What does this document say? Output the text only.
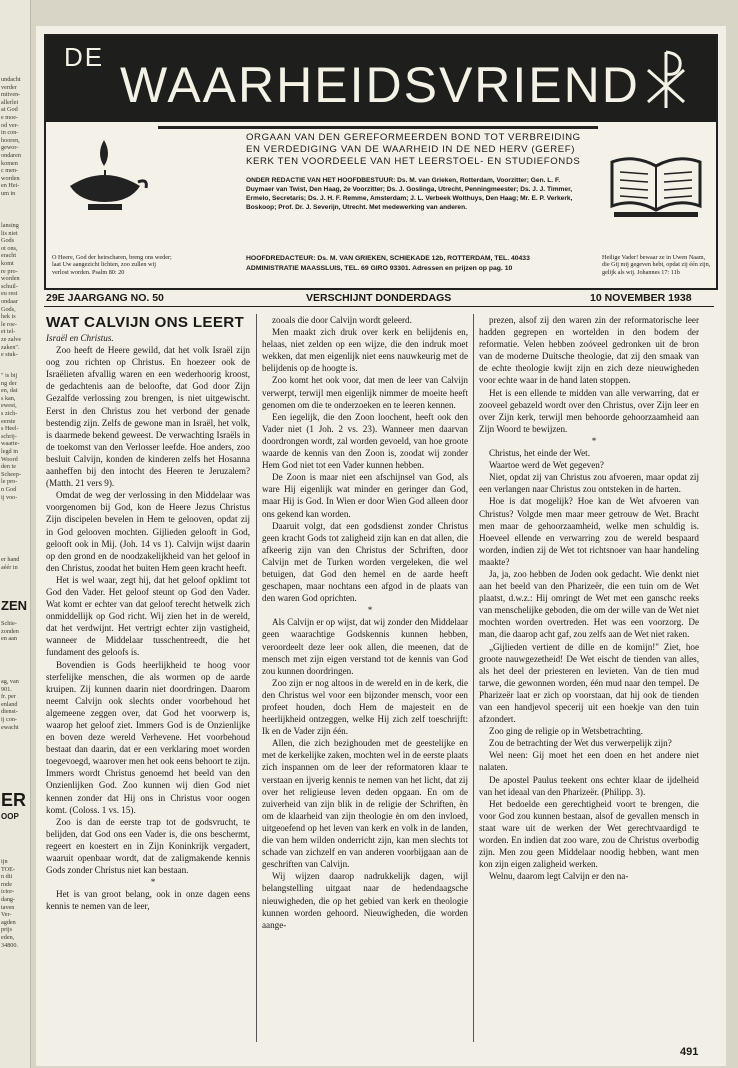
undacht
verder
mitven-
allerlei
at God
e moe-
od ver-
in con-
hooren,
gewor-
ondaren
komen
c men-
worden
en Hei-
um in
lansing
lis niet
Gods
ot ons,
eracht
komt
re pro-
worden
schuil-
eu rest
ondaar
Gods,
hek is
le roe-
et tel-
ze zalve
zaken".
e stuk-
" is bij
ng der
en, dat
s kan,
ewest,
s zich-
eerste
s Heel-
schrij-
waarte-
legd in
Woord
den te
Scheep-
le pro-
n God
ij voo-
er hand
aéér in
ZEN
Schie-
zonden
en aan
ag, van
901.
fr. per
enland
dienst-
ij con-
ewacht
ER
OOP
ijn
TOE-
n dit
rnde
ictor-
dang-
taven
Ver-
agden
prijs
eden,
34800.
DE WAARHEIDSVRIEND
ORGAAN VAN DEN GEREFORMEERDEN BOND TOT VERBREIDING EN VERDEDIGING VAN DE WAARHEID IN DE NED HERV (GEREF) KERK TEN VOORDEELE VAN HET LEERSTOEL- EN STUDIEFONDS
ONDER REDACTIE VAN HET HOOFDBESTUUR: Ds. M. van Grieken, Rotterdam, Voorzitter; Gen. L. F. Duymaer van Twist, Den Haag, 2e Voorzitter; Ds. J. Goslinga, Utrecht, Penningmeester; Ds. J. J. Timmer, Ermelo, Secretaris; Ds. J. H. F. Remme, Amsterdam; J. L. Verbeek Wolthuys, Den Haag; Mr. E. P. Verkerk, Boskoop; Prof. Dr. J. Severijn, Utrecht. Met medewerking van anderen.
HOOFDREDACTEUR: Ds. M. VAN GRIEKEN, SCHIEKADE 12b, ROTTERDAM, TEL. 40433
ADMINISTRATIE MAASSLUIS, TEL. 69 GIRO 93301. Adressen en prijzen op pag. 10
O Heere, God der heirscharen, breng ons weder; laat Uw aangezicht lichten, zoo zullen wij verlost worden. Psalm 80: 20
Heilige Vader! bewaar ze in Uwen Naam, die Gij mij gegeven hebt, opdat zij één zijn, gelijk als wij. Johannes 17: 11b
29E JAARGANG NO. 50	VERSCHIJNT DONDERDAGS	10 NOVEMBER 1938
WAT CALVIJN ONS LEERT
Israël en Christus.

Zoo heeft de Heere gewild, dat het volk Israël zijn oog zou richten op Christus. En hoezeer ook de Israëlieten afvallig waren en een wederhoorig kroost, de gedachtenis aan de beloofte, dat God door Zijn Gezalfde verlossing zou brengen, is niet uitgewischt. Eerst in den Christus zou het verbond der genade bestendig zijn. Zelfs de gewone man in Israël, het volk, is daarmede bekend geweest. De verwachting Israëls in de toekomst van den Verlosser leefde. Hoe anders, zoo besluit Calvijn, konden de kinderen zelfs het Hosanna aanheffen bij den intocht des Heeren te Jeruzalem? (Matth. 21 vers 9).

Omdat de weg der verlossing in den Middelaar was voorgenomen bij God, kon de Heere Jezus Christus Zijn discipelen bevelen in Hem te gelooven, opdat zij in God gelooven mochten. Gijlieden gelooft in God, gelooft ook in Mij. (Joh. 14 vs 1). Calvijn wijst daarin op den grond en de noodzakelijkheid van het geloof in den Christus, zoodat het buiten Hem geen kracht heeft.

Het is wel waar, zegt hij, dat het geloof opklimt tot God den Vader. Het geloof steunt op God den Vader. Wat komt er echter van dat geloof terecht hetwelk zich onmiddellijk op God richt. Wij zien het in de wereld, dat het verdwijnt. Het vertrigt echter zijn vastigheid, wanneer de Middelaar tusschentreedt, die het fundament des geloofs is.

Bovendien is Gods heerlijkheid te hoog voor sterfelijke menschen, die als wormen op de aarde kruipen. Zij kunnen daarin niet doordringen. Daarom neemt Calvijn ook slechts onder voorbehoud het algemeene zeggen over, dat God het voorwerp is, waarop het geloof ziet. Immers God is de Onzienlijke en boven deze wereld Verhevene. Het voorbehoud bestaat dan daarin, dat er een verklaring moet worden toegevoegd, waarover men het ook eens behoort te zijn. Immers wordt Christus genoemd het beeld van den Onzienlijken God. Zoo kunnen wij dien God niet kennen zonder dat Hij ons in Christus voor oogen komt. (Coloss. 1 vs. 15).

Zoo is dan de eerste trap tot de godsvrucht, te belijden, dat God ons een Vader is, die ons beschermt, regeert en koestert en in Zijn Koninkrijk vergadert, waaruit openbaar wordt, dat de zaligmakende kennis Gods zonder Christus niet kan bestaan.

*

Het is van groot belang, ook in onze dagen eens kennis te nemen van de leer,

zooals die door Calvijn wordt geleerd.

Men maakt zich druk over kerk en belijdenis en, helaas, niet zelden op een wijze, die den indruk moet wekken, dat men eigenlijk niet eens nauwkeurig met de belijdenis op de hoogte is.

Zoo komt het ook voor, dat men de leer van Calvijn verwerpt, terwijl men eigenlijk nimmer de moeite heeft genomen om die te onderzoeken en te leeren kennen.

Een iegelijk, die den Zoon loochent, heeft ook den Vader niet (1 Joh. 2 vs. 23). Wanneer men daarvan doordrongen wordt, zal worden gevoeld, van hoe groote waarde de kennis van den Zoon is, zoodat wij zonder Hem God niet tot een Vader kunnen hebben.

De Zoon is maar niet een afschijnsel van God, als ware Hij eigenlijk wat minder en geringer dan God, maar Hij is God. In Wien er door Wien God alleen door ons gekend kan worden.

Daaruit volgt, dat een godsdienst zonder Christus geen kracht Gods tot zaligheid zijn kan en dat allen, die afkeerig zijn van den Christus der Schriften, door Calvijn met de Turken worden vergeleken, die wel betuigen, dat God den hemel en de aarde heeft geschapen, maar nochtans een afgod in de plaats van den waren God oprichten.

*

Als Calvijn er op wijst, dat wij zonder den Middelaar geen waarachtige Godskennis kunnen hebben, veroordeelt deze leer ook allen, die meenen, dat de mensch met zijn eigen verstand tot de kennis van God zou kunnen doordringen.

Zoo zijn er nog altoos in de wereld en in de kerk, die den Christus wel voor een bijzonder mensch, voor een profeet houden, doch Hem de majesteit en de heerlijkheid ontzeggen, welke Hij zich zelf toeschrijft: Ik en de Vader zijn één.

Allen, die zich bezighouden met de geestelijke en met de kerkelijke zaken, mochten wel in de eerste plaats zich inspannen om de leer der reformatoren klaar te verstaan en ijverig kennis te nemen van het licht, dat zij over het religieuse leven deden opgaan. En om de zuiverheid van zijn blik in de religie der Schriften, èn om de klaarheid van zijn theologie èn om den invloed, uitgeoefend op het leven van kerk en volk in de landen, die van hem wilden onderricht zijn, kan men slechts tot schade van zichzelf en van anderen voorbijgaan aan de geschriften van Calvijn.

Wij wijzen daarop nadrukkelijk dagen, wijl belangstelling uitgaat naar de hedendaagsche nieuwigheden, die op het gebied van kerk en theologie kunnen worden gehoord. Nieuwigheden, die worden aange-

prezen, alsof zij den waren zin der reformatorische leer hadden gegrepen en wortelden in den bodem der reformatie. Velen hebben zoóveel gedronken uit de bron van de moderne Duitsche theologie, dat zij den smaak van de echte theologie kwijt zijn en zich deze nieuwigheden voor echte waar in de hand laten stoppen.

Het is een ellende te midden van alle verwarring, dat er zooveel gebazeld wordt over den Christus, over Zijn leer en over Zijn kerk, terwijl men behoorde gehoorzaamheid aan Zijn Woord te bewijzen.

*

Christus, het einde der Wet.

Waartoe werd de Wet gegeven?

Niet, opdat zij van Christus zou afvoeren, maar opdat zij een verlangen naar Christus zou ontsteken in de harten.

Hoe is dat mogelijk? Hoe kan de Wet afvoeren van Christus? Volgde men maar meer getrouw de Wet. Bracht men maar de gehoorzaamheid, welke men schuldig is. Hoeveel ellende en verwarring zou de wereld bespaard worden, indien zij de Wet tot richtsnoer van haar handeling maakte?

Ja, ja, zoo hebben de Joden ook gedacht. Wie denkt niet aan het beeld van den Pharizeër, die een tuin om de Wet plaatst, d.w.z.: Hij omringt de Wet met een ganschc reeks van menschelijke geboden, die om der wille van de Wet niet mochten worden overtreden. Het was een voorzorg. De man, die daarop acht gaf, zou zelfs aan de Wet niet raken.

„Gijlieden vertient de dille en de komijn!" Ziet, hoe groote nauwgezetheid! De Wet eischt de tienden van alles, als het deel der priesteren en levieten. Van de tien mud tarwe, die gewonnen worden, één mud naar den tempel. De Pharizeër laat er zich op voorstaan, dat hij ook de tienden van een handjevol specerij uit een hoekje van den tuin afzondert.

Zoo ging de religie op in Wetsbetrachting.

Zou de betrachting der Wet dus verwerpelijk zijn?

Wel neen: Gij moet het een doen en het andere niet nalaten.

De apostel Paulus teekent ons echter klaar de ijdelheid van het ideaal van den Pharizeër. (Philipp. 3).

Het bedoelde een gerechtigheid voort te brengen, die voor God zou kunnen bestaan, alsof de gevallen mensch in staat ware uit de werken der Wet gerechtvaardigd te worden. En indien dat zoo ware, zou de Christus overbodig zijn. Men zou geen Middelaar noodig hebben, want men kon zijn eigen zaligheid werken.

Welnu, daarom legt Calvijn er den na-

491
